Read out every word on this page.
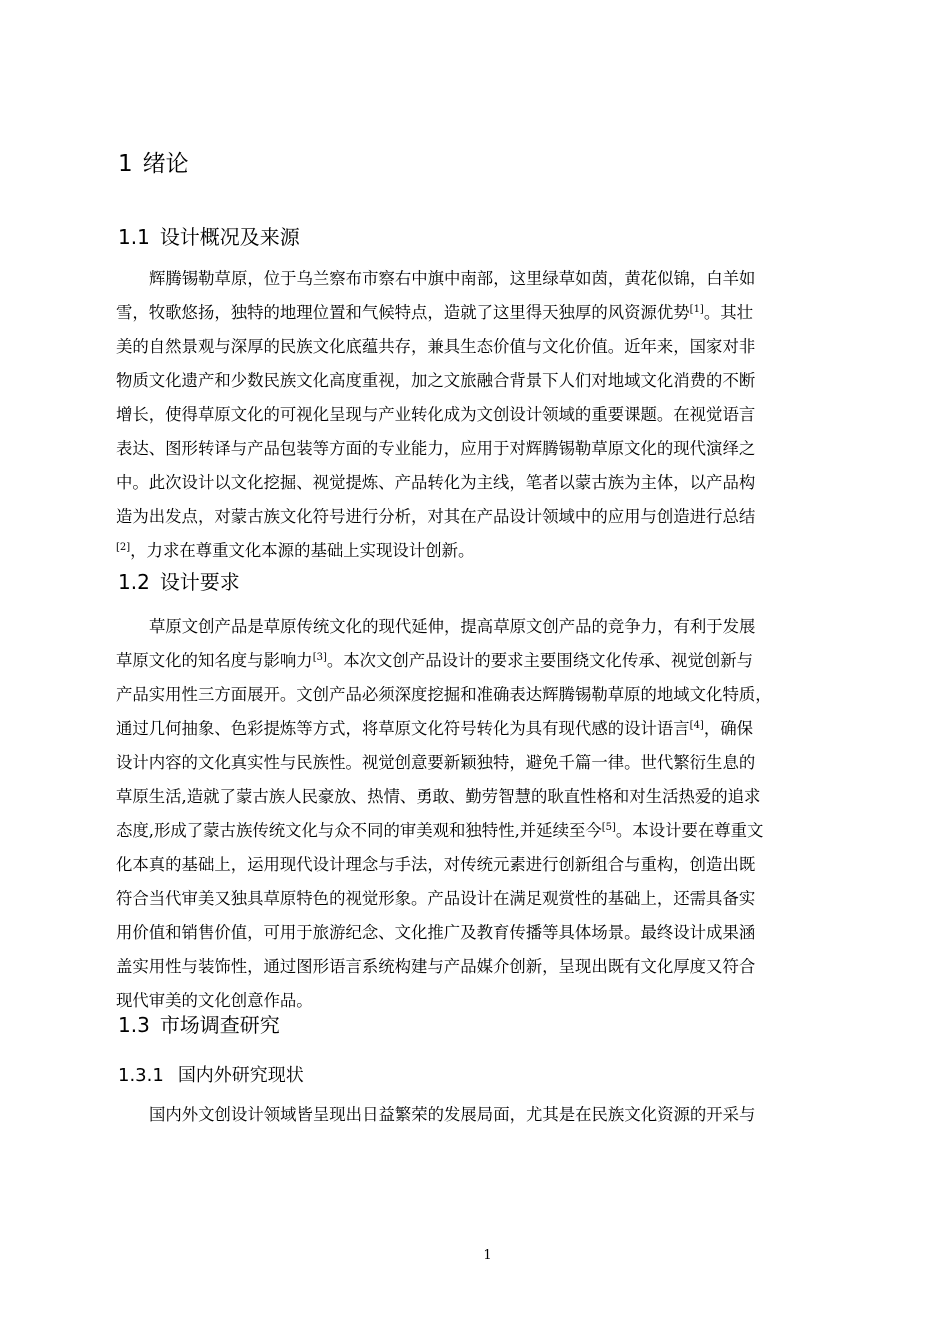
1 绪论
1.1 设计概况及来源
辉腾锡勒草原，位于乌兰察布市察右中旗中南部，这里绿草如茵，黄花似锦，白羊如
雪，牧歌悠扬，独特的地理位置和气候特点，造就了这里得天独厚的风资源优势[1]。其壮
美的自然景观与深厚的民族文化底蕴共存，兼具生态价值与文化价值。近年来，国家对非
物质文化遗产和少数民族文化高度重视，加之文旅融合背景下人们对地域文化消费的不断
增长，使得草原文化的可视化呈现与产业转化成为文创设计领域的重要课题。在视觉语言
表达、图形转译与产品包装等方面的专业能力，应用于对辉腾锡勒草原文化的现代演绎之
中。此次设计以文化挖掘、视觉提炼、产品转化为主线，笔者以蒙古族为主体，以产品构
造为出发点，对蒙古族文化符号进行分析，对其在产品设计领域中的应用与创造进行总结
[2]，力求在尊重文化本源的基础上实现设计创新。
1.2 设计要求
草原文创产品是草原传统文化的现代延伸，提高草原文创产品的竞争力，有利于发展
草原文化的知名度与影响力[3]。本次文创产品设计的要求主要围绕文化传承、视觉创新与
产品实用性三方面展开。文创产品必须深度挖掘和准确表达辉腾锡勒草原的地域文化特质，
通过几何抽象、色彩提炼等方式，将草原文化符号转化为具有现代感的设计语言[4]，确保
设计内容的文化真实性与民族性。视觉创意要新颖独特，避免千篇一律。世代繁衍生息的
草原生活,造就了蒙古族人民豪放、热情、勇敢、勤劳智慧的耿直性格和对生活热爱的追求
态度,形成了蒙古族传统文化与众不同的审美观和独特性,并延续至今[5]。本设计要在尊重文
化本真的基础上，运用现代设计理念与手法，对传统元素进行创新组合与重构，创造出既
符合当代审美又独具草原特色的视觉形象。产品设计在满足观赏性的基础上，还需具备实
用价值和销售价值，可用于旅游纪念、文化推广及教育传播等具体场景。最终设计成果涵
盖实用性与装饰性，通过图形语言系统构建与产品媒介创新，呈现出既有文化厚度又符合
现代审美的文化创意作品。
1.3 市场调查研究
1.3.1 国内外研究现状
国内外文创设计领域皆呈现出日益繁荣的发展局面，尤其是在民族文化资源的开采与
1
